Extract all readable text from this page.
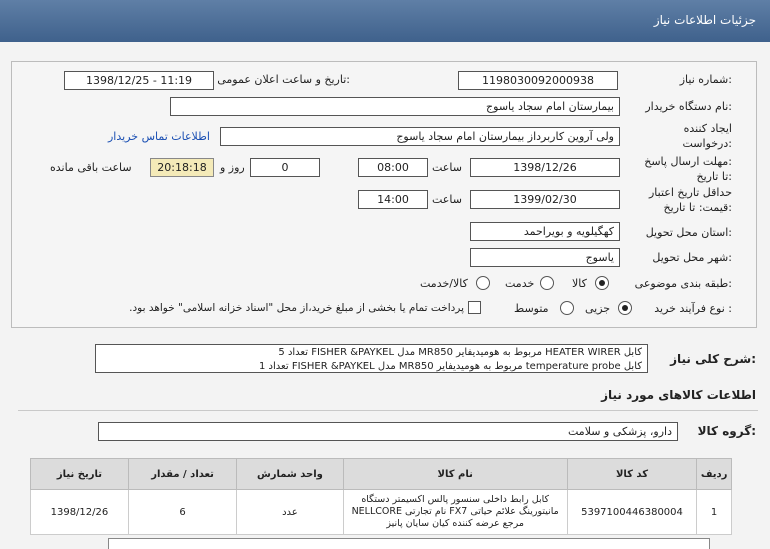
جزئیات اطلاعات نیاز
شماره نیاز:
1198030092000938
تاریخ و ساعت اعلان عمومی:
1398/12/25 - 11:19
نام دستگاه خریدار:
بیمارستان امام سجاد یاسوج
ایجاد کننده
درخواست:
ولی آروین کاربرداز بیمارستان امام سجاد یاسوج
اطلاعات تماس خریدار
مهلت ارسال پاسخ:
تا تاریخ:
1398/12/26
ساعت
08:00
0
روز و
20:18:18
ساعت باقی مانده
حداقل تاریخ اعتبار
قیمت: تا تاریخ:
1399/02/30
ساعت
14:00
استان محل تحویل:
کهگیلویه و بویراحمد
شهر محل تحویل:
یاسوج
طبقه بندی موضوعی:
کالا
خدمت
کالا/خدمت
نوع فرآیند خرید :
جزیی
متوسط
پرداخت تمام یا بخشی از مبلغ خرید،از محل "اسناد خزانه اسلامی" خواهد بود.
شرح کلی نیاز:
کابل HEATER WIRER مربوط به هومیدیفایر MR850 مدل FISHER &PAYKEL تعداد 5
کابل temperature probe مربوط به هومیدیفایر MR850 مدل FISHER &PAYKEL تعداد 1
اطلاعات کالاهای مورد نیاز
گروه کالا:
دارو، پزشکی و سلامت
تاریخ نیاز	تعداد / مقدار	واحد شمارش	نام کالا	کد کالا	ردیف
1398/12/26	6	عدد	کابل رابط داخلی سنسور پالس اکسیمتر دستگاه مانیتورینگ علائم حیاتی FX7 نام تجارتی NELLCORE مرجع عرضه کننده کیان سایان پانیز	5397100446380004	1
